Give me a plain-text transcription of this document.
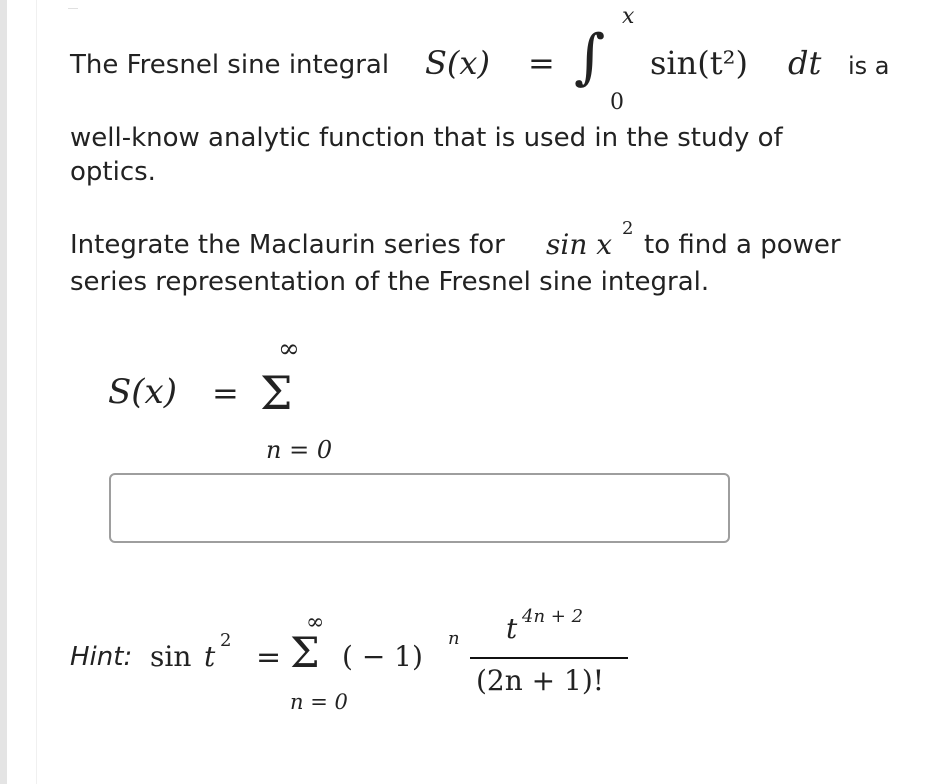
The Fresnel sine integral S(x) = ∫
x
0
sin(t²) dt is a
well-know analytic function that is used in the study of
optics.
Integrate the Maclaurin series for sin x 2
to find a power
series representation of the Fresnel sine integral.
S(x) =
∞
Σ
n = 0
Hint: sin t 2 =
∞
Σ
n = 0
( − 1)
n t 4n + 2
(2n + 1)!
